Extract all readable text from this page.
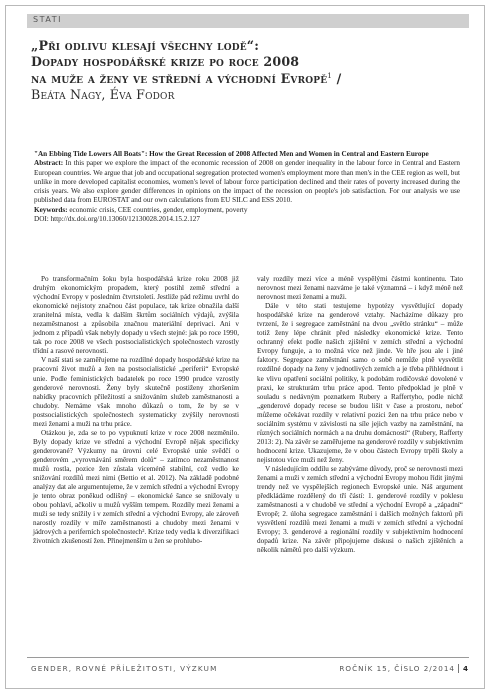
STATI
„Při odlivu klesají všechny lodě“:
Dopady hospodářské krize po roce 2008
na muže a ženy ve střední a východní Evropě$^1$ /
Beáta Nagy, Éva Fodor
"An Ebbing Tide Lowers All Boats": How the Great Recession of 2008 Affected Men and Women in Central and Eastern Europe

Abstract: In this paper we explore the impact of the economic recession of 2008 on gender inequality in the labour force in Central and Eastern European countries. We argue that job and occupational segregation protected women's employment more than men's in the CEE region as well, but unlike in more developed capitalist economies, women's level of labour force participation declined and their rates of poverty increased during the crisis years. We also explore gender differences in opinions on the impact of the recession on people's job satisfaction. For our analysis we use published data from EUROSTAT and our own calculations from EU SILC and ESS 2010.

Keywords: economic crisis, CEE countries, gender, employment, poverty
DOI: http://dx.doi.org/10.13060/12130028.2014.15.2.127

Po transformačním šoku byla hospodářská krize roku 2008 již druhým ekonomickým propadem, který postihl země střední a východní Evropy v posledním čtvrtstoletí. Jestliže pád režimu uvrhl do ekonomické nejistoty značnou část populace, tak krize obnažila další zranitelná místa, vedla k dalším škrtům sociálních výdajů, zvýšila nezaměstnanost a způsobila značnou materiální deprivaci. Ani v jednom z případů však nebyly dopady u všech stejné: jak po roce 1990, tak po roce 2008 ve všech postsocialistických společnostech vzrostly třídní a rasové nerovnosti.

V naší stati se zaměřujeme na rozdílné dopady hospodářské krize na pracovní život mužů a žen na postsocialistické „periferii“ Evropské unie. Podle feministických badatelek po roce 1990 prudce vzrostly genderové nerovnosti. Ženy byly skutečně postiženy zhoršením nabídky pracovních příležitostí a snižováním služeb zaměstnanosti a chudoby. Nemáme však mnoho důkazů o tom, že by se v postsocialistických společnostech systematicky zvýšily nerovnosti mezi ženami a muži na trhu práce.

Otázkou je, zda se to po vypuknutí krize v roce 2008 nezměnilo. Byly dopady krize ve střední a východní Evropě nějak specificky genderované? Výzkumy na úrovni celé Evropské unie svědčí o genderovém „vyrovnávání směrem dolů“ – zatímco nezaměstnanost mužů rostla, pozice žen zůstala víceméně stabilní, což vedlo ke snižování rozdílů mezi nimi (Bettio et al. 2012). Na základě podobné analýzy dat ale argumentujeme, že v zemích střední a východní Evropy je tento obraz poněkud odlišný – ekonomické šance se snižovaly u obou pohlaví, ačkoliv u mužů vyšším tempem. Rozdíly mezi ženami a muži se tedy snížily i v zemích střední a východní Evropy, ale zároveň narostly rozdíly v míře zaměstnanosti a chudoby mezi ženami v jádrových a periferních společnostech². Krize tedy vedla k diverzifikaci životních zkušeností žen. Přinejmenším u žen se prohlubo-

valy rozdíly mezi více a méně vyspělými částmi kontinentu. Tato nerovnost mezi ženami nazváme je také významná – i když méně než nerovnost mezi ženami a muži.

Dále v této stati testujeme hypotézy vysvětlující dopady hospodářské krize na genderové vztahy. Nacházíme důkazy pro tvrzení, že i segregace zaměstnání na dvou „světlo stránku“ – může totiž ženy lépe chránit před následky ekonomické krize. Tento ochranný efekt podle našich zjištění v zemích střední a východní Evropy funguje, a to možná více než jinde. Ve hře jsou ale i jiné faktory. Segregace zaměstnání samo o sobě nemůže plně vysvětlit rozdílné dopady na ženy v jednotlivých zemích a je třeba přihlédnout i ke vlivu opatření sociální politiky, k podobám rodičovské dovolené v praxi, ke strukturám trhu práce apod. Tento předpoklad je plně v souladu s nedávným poznatkem Rubery a Raffertyho, podle nichž „genderové dopady recese se budou lišit v čase a prostoru, neboť můžeme očekávat rozdíly v relativní pozici žen na trhu práce nebo v sociálním systému v závislosti na síle jejich vazby na zaměstnání, na různých sociálních normách a na druhu domácností“ (Rubery, Rafferty 2013: 2). Na závěr se zaměřujeme na genderové rozdíly v subjektivním hodnocení krize. Ukazujeme, že v obou částech Evropy trpěli školy a nejistotou více muži než ženy.

V následujícím oddílu se zabýváme důvody, proč se nerovnosti mezi ženami a muži v zemích střední a východní Evropy mohou řídit jinými trendy než ve vyspělejších regionech Evropské unie. Náš argument předkládáme rozdělený do tří částí: 1. genderové rozdíly v poklesu zaměstnanosti a v chudobě ve střední a východní Evropě a „západní“ Evropě; 2. úloha segregace zaměstnání i dalších možných faktorů při vysvětlení rozdílů mezi ženami a muži v zemích střední a východní Evropy; 3. genderové a regionální rozdíly v subjektivním hodnocení dopadů krize. Na závěr připojujeme diskusi o našich zjištěních a několik námětů pro další výzkum.

GENDER, ROVNÉ PŘÍLEŽITOSTI, VÝZKUM	ROČNÍK 15, ČÍSLO 2/2014 4
